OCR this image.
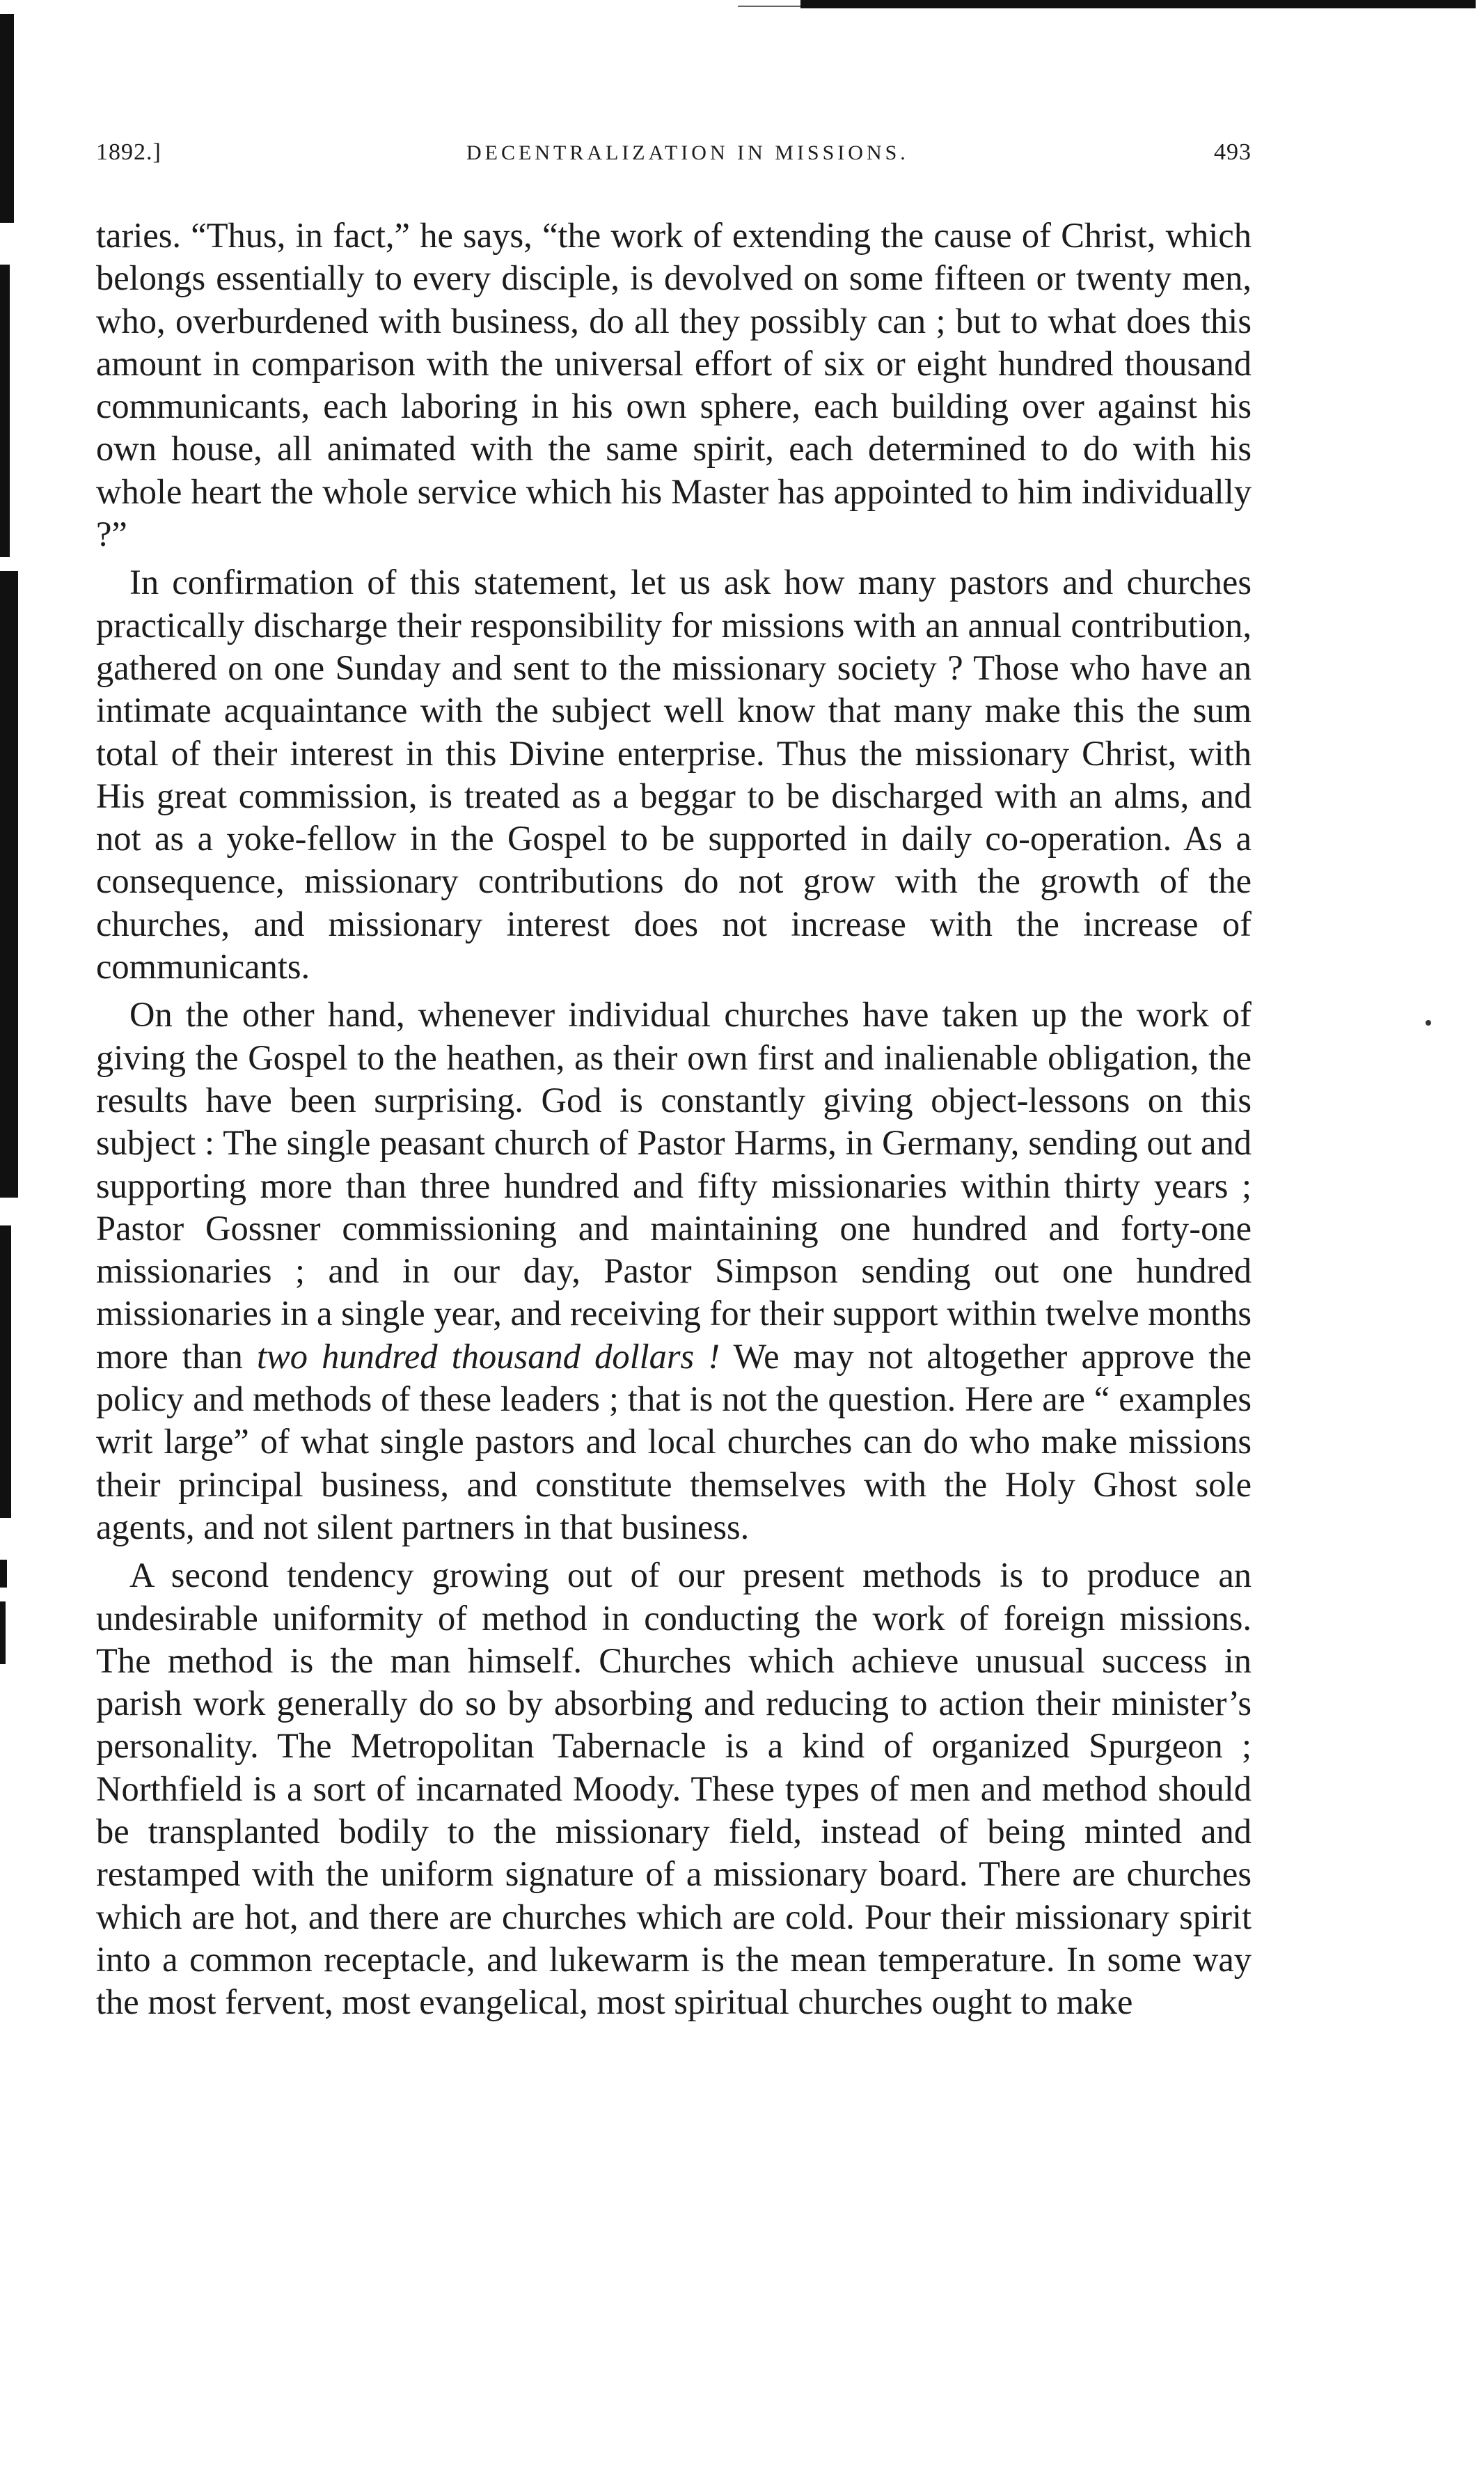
1892.]	DECENTRALIZATION IN MISSIONS.	493

taries. “Thus, in fact,” he says, “the work of extending the cause of Christ, which belongs essentially to every disciple, is devolved on some fifteen or twenty men, who, overburdened with business, do all they possibly can ; but to what does this amount in comparison with the universal effort of six or eight hundred thousand communicants, each laboring in his own sphere, each building over against his own house, all animated with the same spirit, each determined to do with his whole heart the whole service which his Master has appointed to him individually ?”

In confirmation of this statement, let us ask how many pastors and churches practically discharge their responsibility for missions with an annual contribution, gathered on one Sunday and sent to the missionary society ? Those who have an intimate acquaintance with the subject well know that many make this the sum total of their interest in this Divine enterprise. Thus the missionary Christ, with His great commission, is treated as a beggar to be discharged with an alms, and not as a yoke-fellow in the Gospel to be supported in daily co-operation. As a consequence, missionary contributions do not grow with the growth of the churches, and missionary interest does not increase with the increase of communicants.

On the other hand, whenever individual churches have taken up the work of giving the Gospel to the heathen, as their own first and inalienable obligation, the results have been surprising. God is constantly giving object-lessons on this subject : The single peasant church of Pastor Harms, in Germany, sending out and supporting more than three hundred and fifty missionaries within thirty years ; Pastor Gossner commissioning and maintaining one hundred and forty-one missionaries ; and in our day, Pastor Simpson sending out one hundred missionaries in a single year, and receiving for their support within twelve months more than two hundred thousand dollars ! We may not altogether approve the policy and methods of these leaders ; that is not the question. Here are “ examples writ large” of what single pastors and local churches can do who make missions their principal business, and constitute themselves with the Holy Ghost sole agents, and not silent partners in that business.

A second tendency growing out of our present methods is to produce an undesirable uniformity of method in conducting the work of foreign missions. The method is the man himself. Churches which achieve unusual success in parish work generally do so by absorbing and reducing to action their minister’s personality. The Metropolitan Tabernacle is a kind of organized Spurgeon ; Northfield is a sort of incarnated Moody. These types of men and method should be transplanted bodily to the missionary field, instead of being minted and restamped with the uniform signature of a missionary board. There are churches which are hot, and there are churches which are cold. Pour their missionary spirit into a common receptacle, and lukewarm is the mean temperature. In some way the most fervent, most evangelical, most spiritual churches ought to make
